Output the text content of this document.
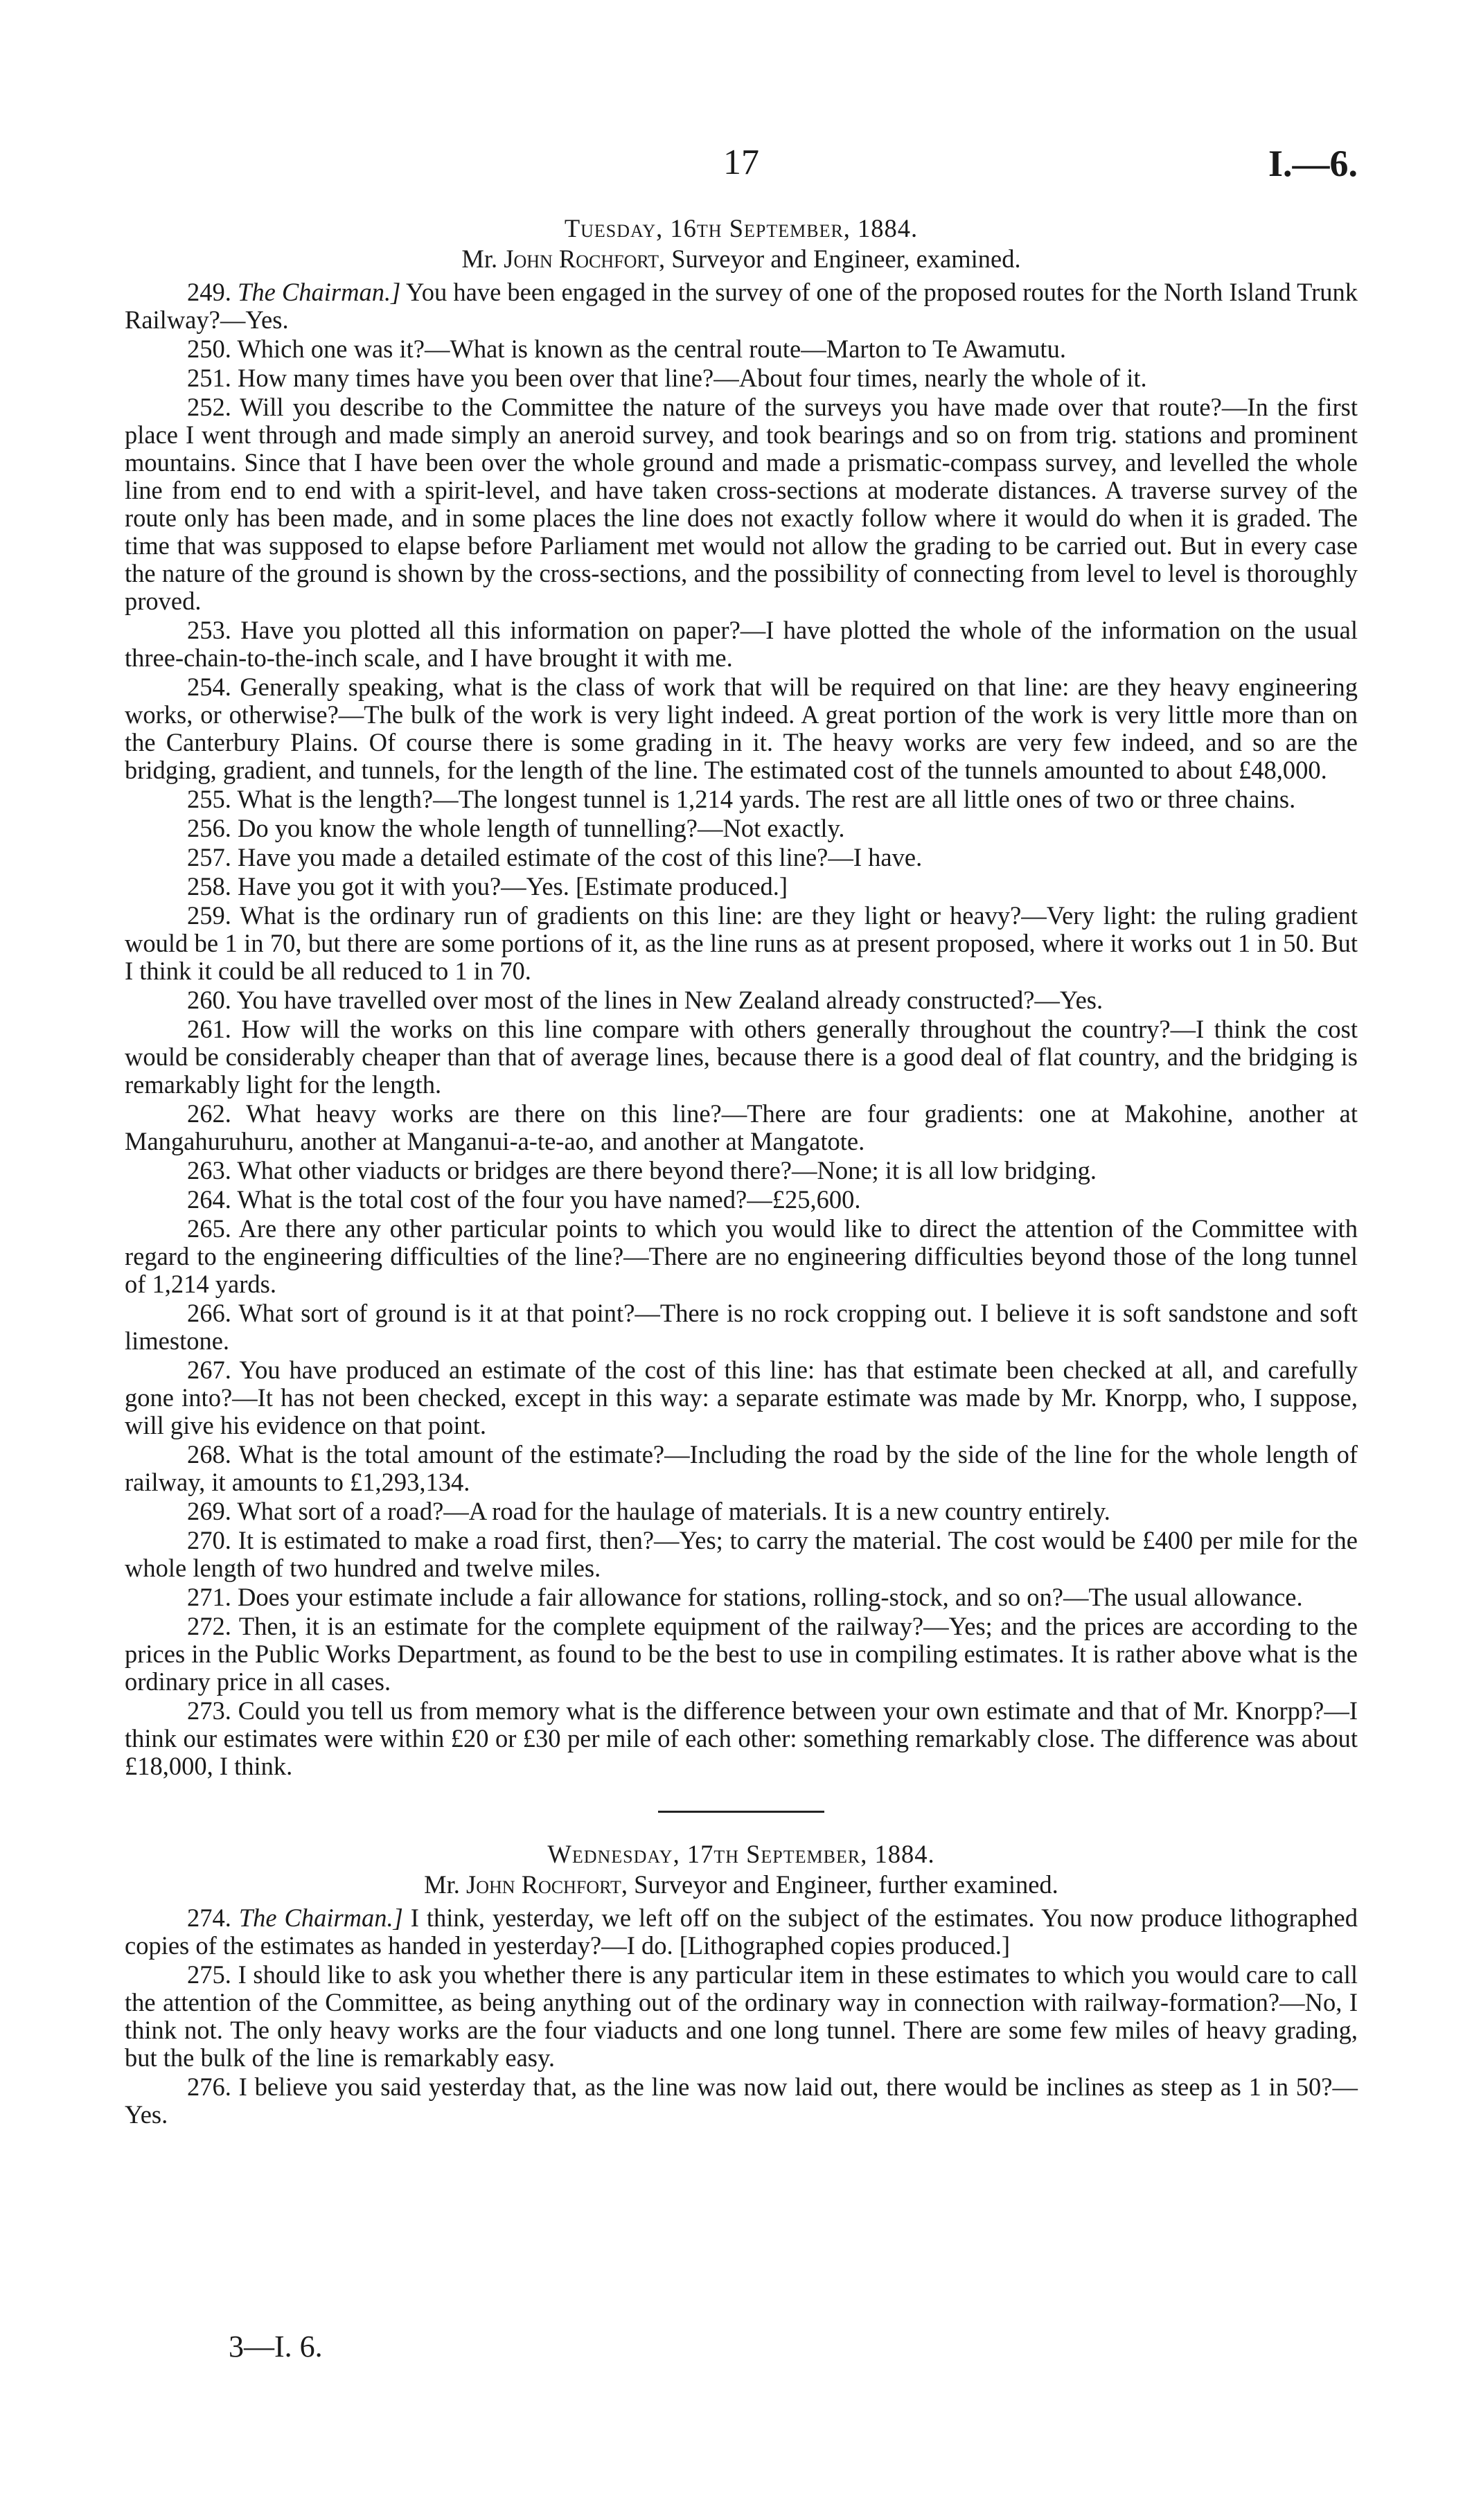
17	I.—6.
Tuesday, 16th September, 1884.
Mr. John Rochfort, Surveyor and Engineer, examined.

249. The Chairman.] You have been engaged in the survey of one of the proposed routes for the North Island Trunk Railway?—Yes.

250. Which one was it?—What is known as the central route—Marton to Te Awamutu.

251. How many times have you been over that line?—About four times, nearly the whole of it.

252. Will you describe to the Committee the nature of the surveys you have made over that route?—In the first place I went through and made simply an aneroid survey, and took bearings and so on from trig. stations and prominent mountains. Since that I have been over the whole ground and made a prismatic-compass survey, and levelled the whole line from end to end with a spirit-level, and have taken cross-sections at moderate distances. A traverse survey of the route only has been made, and in some places the line does not exactly follow where it would do when it is graded. The time that was supposed to elapse before Parliament met would not allow the grading to be carried out. But in every case the nature of the ground is shown by the cross-sections, and the possibility of connecting from level to level is thoroughly proved.

253. Have you plotted all this information on paper?—I have plotted the whole of the information on the usual three-chain-to-the-inch scale, and I have brought it with me.

254. Generally speaking, what is the class of work that will be required on that line: are they heavy engineering works, or otherwise?—The bulk of the work is very light indeed. A great portion of the work is very little more than on the Canterbury Plains. Of course there is some grading in it. The heavy works are very few indeed, and so are the bridging, gradient, and tunnels, for the length of the line. The estimated cost of the tunnels amounted to about £48,000.

255. What is the length?—The longest tunnel is 1,214 yards. The rest are all little ones of two or three chains.

256. Do you know the whole length of tunnelling?—Not exactly.

257. Have you made a detailed estimate of the cost of this line?—I have.

258. Have you got it with you?—Yes. [Estimate produced.]

259. What is the ordinary run of gradients on this line: are they light or heavy?—Very light: the ruling gradient would be 1 in 70, but there are some portions of it, as the line runs as at present proposed, where it works out 1 in 50. But I think it could be all reduced to 1 in 70.

260. You have travelled over most of the lines in New Zealand already constructed?—Yes.

261. How will the works on this line compare with others generally throughout the country?—I think the cost would be considerably cheaper than that of average lines, because there is a good deal of flat country, and the bridging is remarkably light for the length.

262. What heavy works are there on this line?—There are four gradients: one at Makohine, another at Mangahuruhuru, another at Manganui-a-te-ao, and another at Mangatote.

263. What other viaducts or bridges are there beyond there?—None; it is all low bridging.

264. What is the total cost of the four you have named?—£25,600.

265. Are there any other particular points to which you would like to direct the attention of the Committee with regard to the engineering difficulties of the line?—There are no engineering difficulties beyond those of the long tunnel of 1,214 yards.

266. What sort of ground is it at that point?—There is no rock cropping out. I believe it is soft sandstone and soft limestone.

267. You have produced an estimate of the cost of this line: has that estimate been checked at all, and carefully gone into?—It has not been checked, except in this way: a separate estimate was made by Mr. Knorpp, who, I suppose, will give his evidence on that point.

268. What is the total amount of the estimate?—Including the road by the side of the line for the whole length of railway, it amounts to £1,293,134.

269. What sort of a road?—A road for the haulage of materials. It is a new country entirely.

270. It is estimated to make a road first, then?—Yes; to carry the material. The cost would be £400 per mile for the whole length of two hundred and twelve miles.

271. Does your estimate include a fair allowance for stations, rolling-stock, and so on?—The usual allowance.

272. Then, it is an estimate for the complete equipment of the railway?—Yes; and the prices are according to the prices in the Public Works Department, as found to be the best to use in compiling estimates. It is rather above what is the ordinary price in all cases.

273. Could you tell us from memory what is the difference between your own estimate and that of Mr. Knorpp?—I think our estimates were within £20 or £30 per mile of each other: something remarkably close. The difference was about £18,000, I think.

Wednesday, 17th September, 1884.
Mr. John Rochfort, Surveyor and Engineer, further examined.

274. The Chairman.] I think, yesterday, we left off on the subject of the estimates. You now produce lithographed copies of the estimates as handed in yesterday?—I do. [Lithographed copies produced.]

275. I should like to ask you whether there is any particular item in these estimates to which you would care to call the attention of the Committee, as being anything out of the ordinary way in connection with railway-formation?—No, I think not. The only heavy works are the four viaducts and one long tunnel. There are some few miles of heavy grading, but the bulk of the line is remarkably easy.

276. I believe you said yesterday that, as the line was now laid out, there would be inclines as steep as 1 in 50?—Yes.

3—I. 6.
